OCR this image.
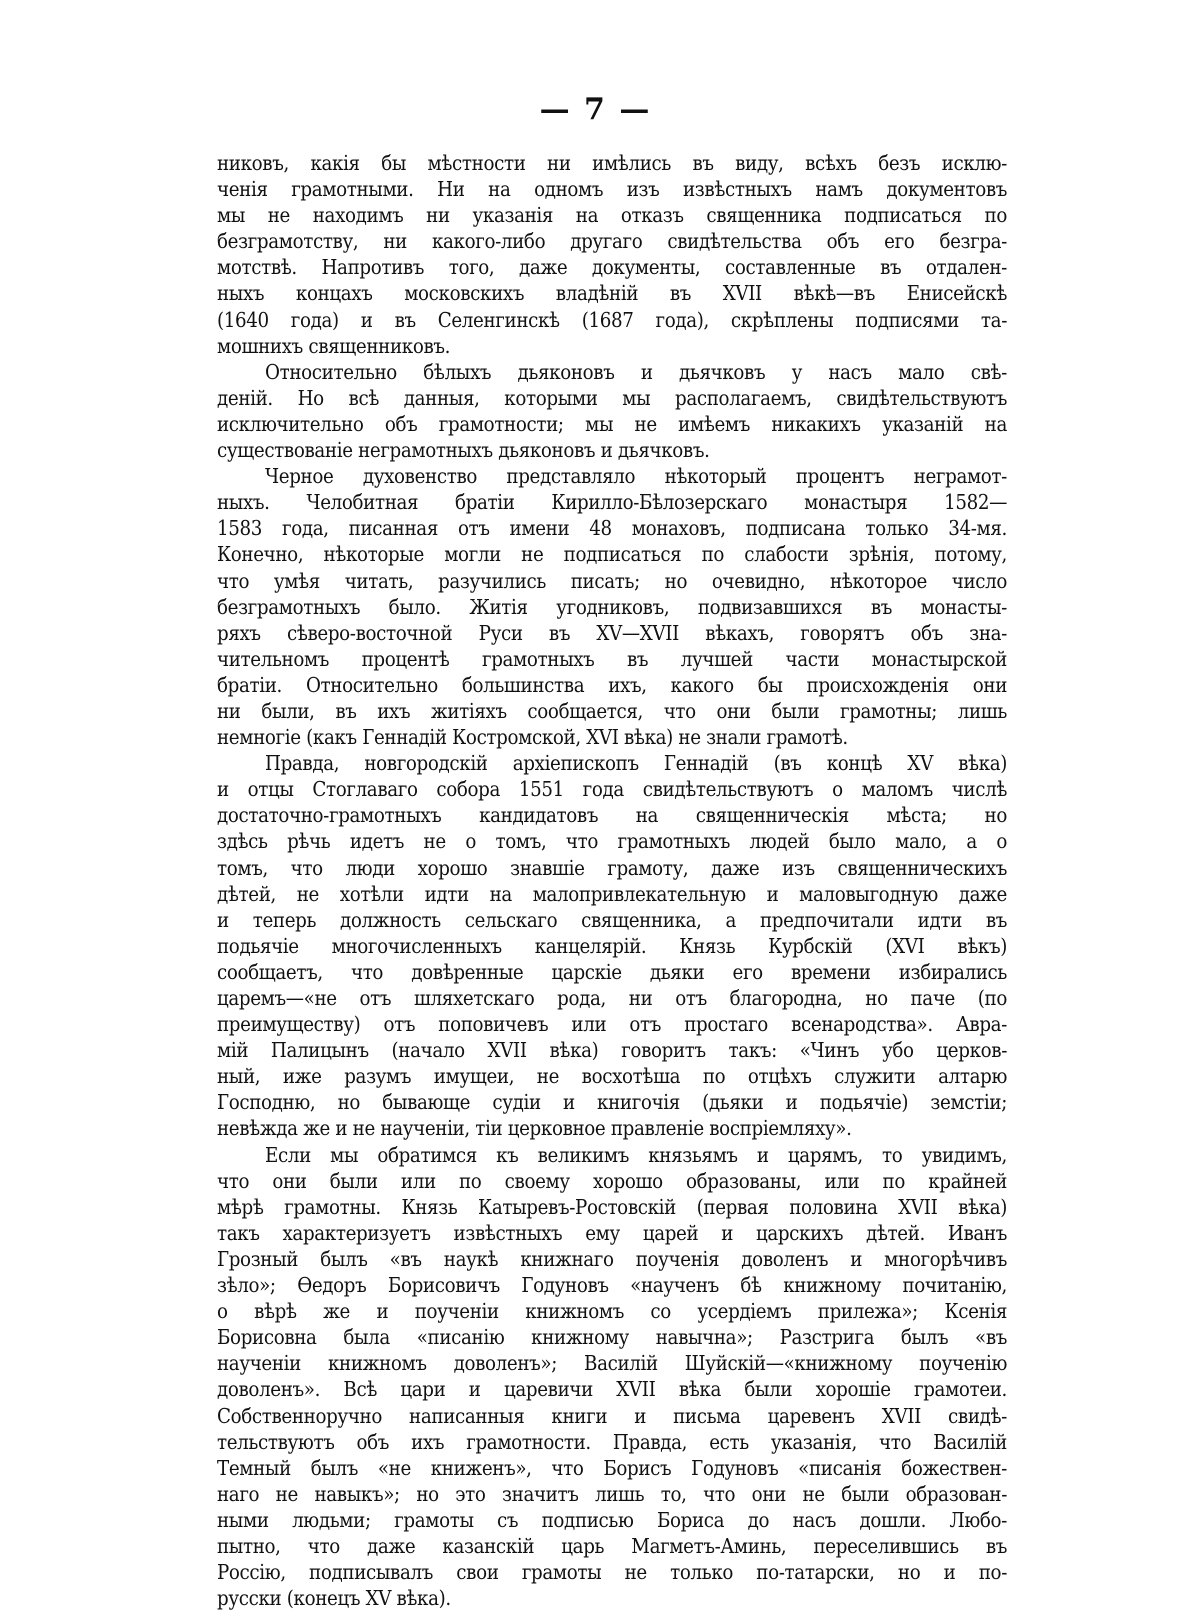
— 7 —
никовъ, какія бы мѣстности ни имѣлись въ виду, всѣхъ безъ исклю-
ченія грамотными. Ни на одномъ изъ извѣстныхъ намъ документовъ
мы не находимъ ни указанія на отказъ священника подписаться по
безграмотству, ни какого-либо другаго свидѣтельства объ его безгра-
мотствѣ. Напротивъ того, даже документы, составленные въ отдален-
ныхъ концахъ московскихъ владѣній въ XVII вѣкѣ—въ Енисейскѣ
(1640 года) и въ Селенгинскѣ (1687 года), скрѣплены подписями та-
мошнихъ священниковъ.
Относительно бѣлыхъ дьяконовъ и дьячковъ у насъ мало свѣ-
деній. Но всѣ данныя, которыми мы располагаемъ, свидѣтельствуютъ
исключительно объ грамотности; мы не имѣемъ никакихъ указаній на
существованіе неграмотныхъ дьяконовъ и дьячковъ.
Черное духовенство представляло нѣкоторый процентъ неграмот-
ныхъ. Челобитная братіи Кирилло-Бѣлозерскаго монастыря 1582—
1583 года, писанная отъ имени 48 монаховъ, подписана только 34-мя.
Конечно, нѣкоторые могли не подписаться по слабости зрѣнія, потому,
что умѣя читать, разучились писать; но очевидно, нѣкоторое число
безграмотныхъ было. Житія угодниковъ, подвизавшихся въ монасты-
ряхъ сѣверо-восточной Руси въ XV—XVII вѣкахъ, говорятъ объ зна-
чительномъ процентѣ грамотныхъ въ лучшей части монастырской
братіи. Относительно большинства ихъ, какого бы происхожденія они
ни были, въ ихъ житіяхъ сообщается, что они были грамотны; лишь
немногіе (какъ Геннадій Костромской, XVI вѣка) не знали грамотѣ.
Правда, новгородскій архіепископъ Геннадій (въ концѣ XV вѣка)
и отцы Стоглаваго собора 1551 года свидѣтельствуютъ о маломъ числѣ
достаточно-грамотныхъ кандидатовъ на священническія мѣста; но
здѣсь рѣчь идетъ не о томъ, что грамотныхъ людей было мало, а о
томъ, что люди хорошо знавшіе грамоту, даже изъ священническихъ
дѣтей, не хотѣли идти на малопривлекательную и маловыгодную даже
и теперь должность сельскаго священника, а предпочитали идти въ
подьячіе многочисленныхъ канцелярій. Князь Курбскій (XVI вѣкъ)
сообщаетъ, что довѣренные царскіе дьяки его времени избирались
царемъ—«не отъ шляхетскаго рода, ни отъ благородна, но паче (по
преимуществу) отъ поповичевъ или отъ простаго всенародства». Авра-
мій Палицынъ (начало XVII вѣка) говоритъ такъ: «Чинъ убо церков-
ный, иже разумъ имущеи, не восхотѣша по отцѣхъ служити алтарю
Господню, но бывающе судіи и книгочія (дьяки и подьячіе) земстіи;
невѣжда же и не наученіи, тіи церковное правленіе воспріемляху».
Если мы обратимся къ великимъ князьямъ и царямъ, то увидимъ,
что они были или по своему хорошо образованы, или по крайней
мѣрѣ грамотны. Князь Катыревъ-Ростовскій (первая половина XVII вѣка)
такъ характеризуетъ извѣстныхъ ему царей и царскихъ дѣтей. Иванъ
Грозный былъ «въ наукѣ книжнаго поученія доволенъ и многорѣчивъ
зѣло»; Ѳедоръ Борисовичъ Годуновъ «наученъ бѣ книжному почитанію,
о вѣрѣ же и поученіи книжномъ со усердіемъ прилежа»; Ксенія
Борисовна была «писанію книжному навычна»; Разстрига былъ «въ
наученіи книжномъ доволенъ»; Василій Шуйскій—«книжному поученію
доволенъ». Всѣ цари и царевичи XVII вѣка были хорошіе грамотеи.
Собственноручно написанныя книги и письма царевенъ XVII свидѣ-
тельствуютъ объ ихъ грамотности. Правда, есть указанія, что Василій
Темный былъ «не книженъ», что Борисъ Годуновъ «писанія божествен-
наго не навыкъ»; но это значитъ лишь то, что они не были образован-
ными людьми; грамоты съ подписью Бориса до насъ дошли. Любо-
пытно, что даже казанскій царь Магметъ-Аминь, переселившись въ
Россію, подписывалъ свои грамоты не только по-татарски, но и по-
русски (конецъ XV вѣка).
